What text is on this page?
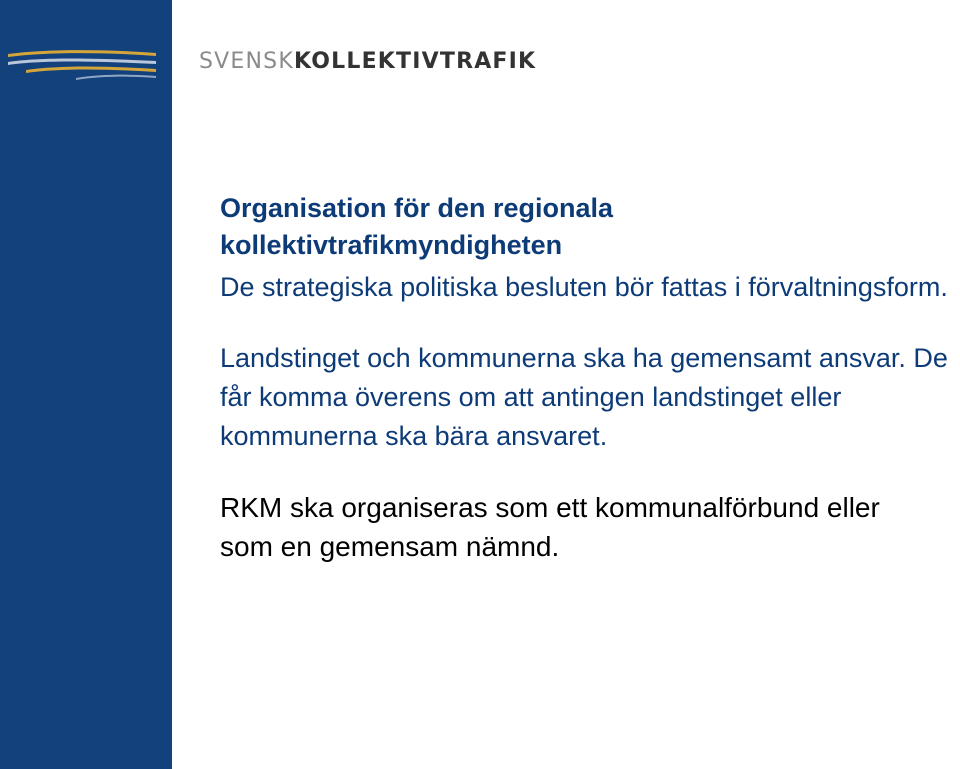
SVENSKKOLLEKTIVTRAFIK
Organisation för den regionala kollektivtrafikmyndigheten

De strategiska politiska besluten bör fattas i förvaltningsform.

Landstinget och kommunerna ska ha gemensamt ansvar. De får komma överens om att antingen landstinget eller kommunerna ska bära ansvaret.

RKM ska organiseras som ett kommunalförbund eller
som en gemensam nämnd.
